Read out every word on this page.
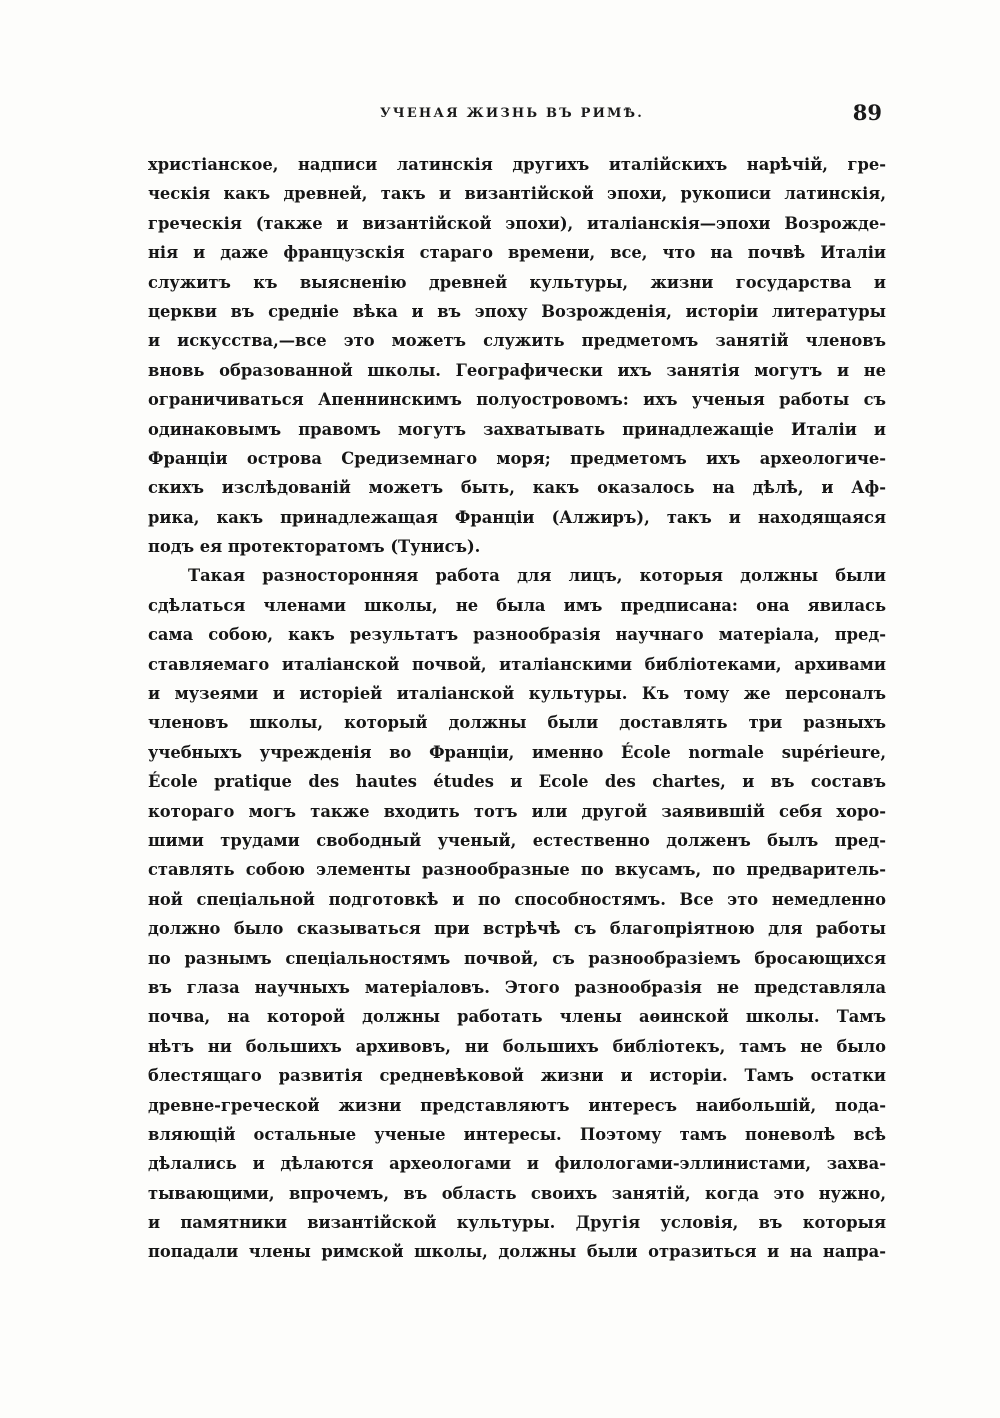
УЧЕНАЯ ЖИЗНЬ ВЪ РИМѢ.	89
христіанское, надписи латинскія другихъ италійскихъ нарѣчій, гре-
ческія какъ древней, такъ и византійской эпохи, рукописи латинскія,
греческія (также и византійской эпохи), италіанскія—эпохи Возрожде-
нія и даже французскія стараго времени, все, что на почвѣ Италіи
служитъ къ выясненію древней культуры, жизни государства и
церкви въ средніе вѣка и въ эпоху Возрожденія, исторіи литературы
и искусства,—все это можетъ служить предметомъ занятій членовъ
вновь образованной школы. Географически ихъ занятія могутъ и не
ограничиваться Апеннинскимъ полуостровомъ: ихъ ученыя работы съ
одинаковымъ правомъ могутъ захватывать принадлежащіе Италіи и
Франціи острова Средиземнаго моря; предметомъ ихъ археологиче-
скихъ изслѣдованій можетъ быть, какъ оказалось на дѣлѣ, и Аф-
рика, какъ принадлежащая Франціи (Алжиръ), такъ и находящаяся
подъ ея протекторатомъ (Тунисъ).
Такая разносторонняя работа для лицъ, которыя должны были
сдѣлаться членами школы, не была имъ предписана: она явилась
сама собою, какъ результатъ разнообразія научнаго матеріала, пред-
ставляемаго италіанской почвой, италіанскими библіотеками, архивами
и музеями и исторіей италіанской культуры. Къ тому же персоналъ
членовъ школы, который должны были доставлять три разныхъ
учебныхъ учрежденія во Франціи, именно École normale supérieure,
École pratique des hautes études и Ecole des chartes, и въ составъ
котораго могъ также входить тотъ или другой заявившій себя хоро-
шими трудами свободный ученый, естественно долженъ былъ пред-
ставлять собою элементы разнообразные по вкусамъ, по предваритель-
ной спеціальной подготовкѣ и по способностямъ. Все это немедленно
должно было сказываться при встрѣчѣ съ благопріятною для работы
по разнымъ спеціальностямъ почвой, съ разнообразіемъ бросающихся
въ глаза научныхъ матеріаловъ. Этого разнообразія не представляла
почва, на которой должны работать члены аѳинской школы. Тамъ
нѣтъ ни большихъ архивовъ, ни большихъ библіотекъ, тамъ не было
блестящаго развитія средневѣковой жизни и исторіи. Тамъ остатки
древне-греческой жизни представляютъ интересъ наибольшій, пода-
вляющій остальные ученые интересы. Поэтому тамъ поневолѣ всѣ
дѣлались и дѣлаются археологами и филологами-эллинистами, захва-
тывающими, впрочемъ, въ область своихъ занятій, когда это нужно,
и памятники византійской культуры. Другія условія, въ которыя
попадали члены римской школы, должны были отразиться и на напра-
